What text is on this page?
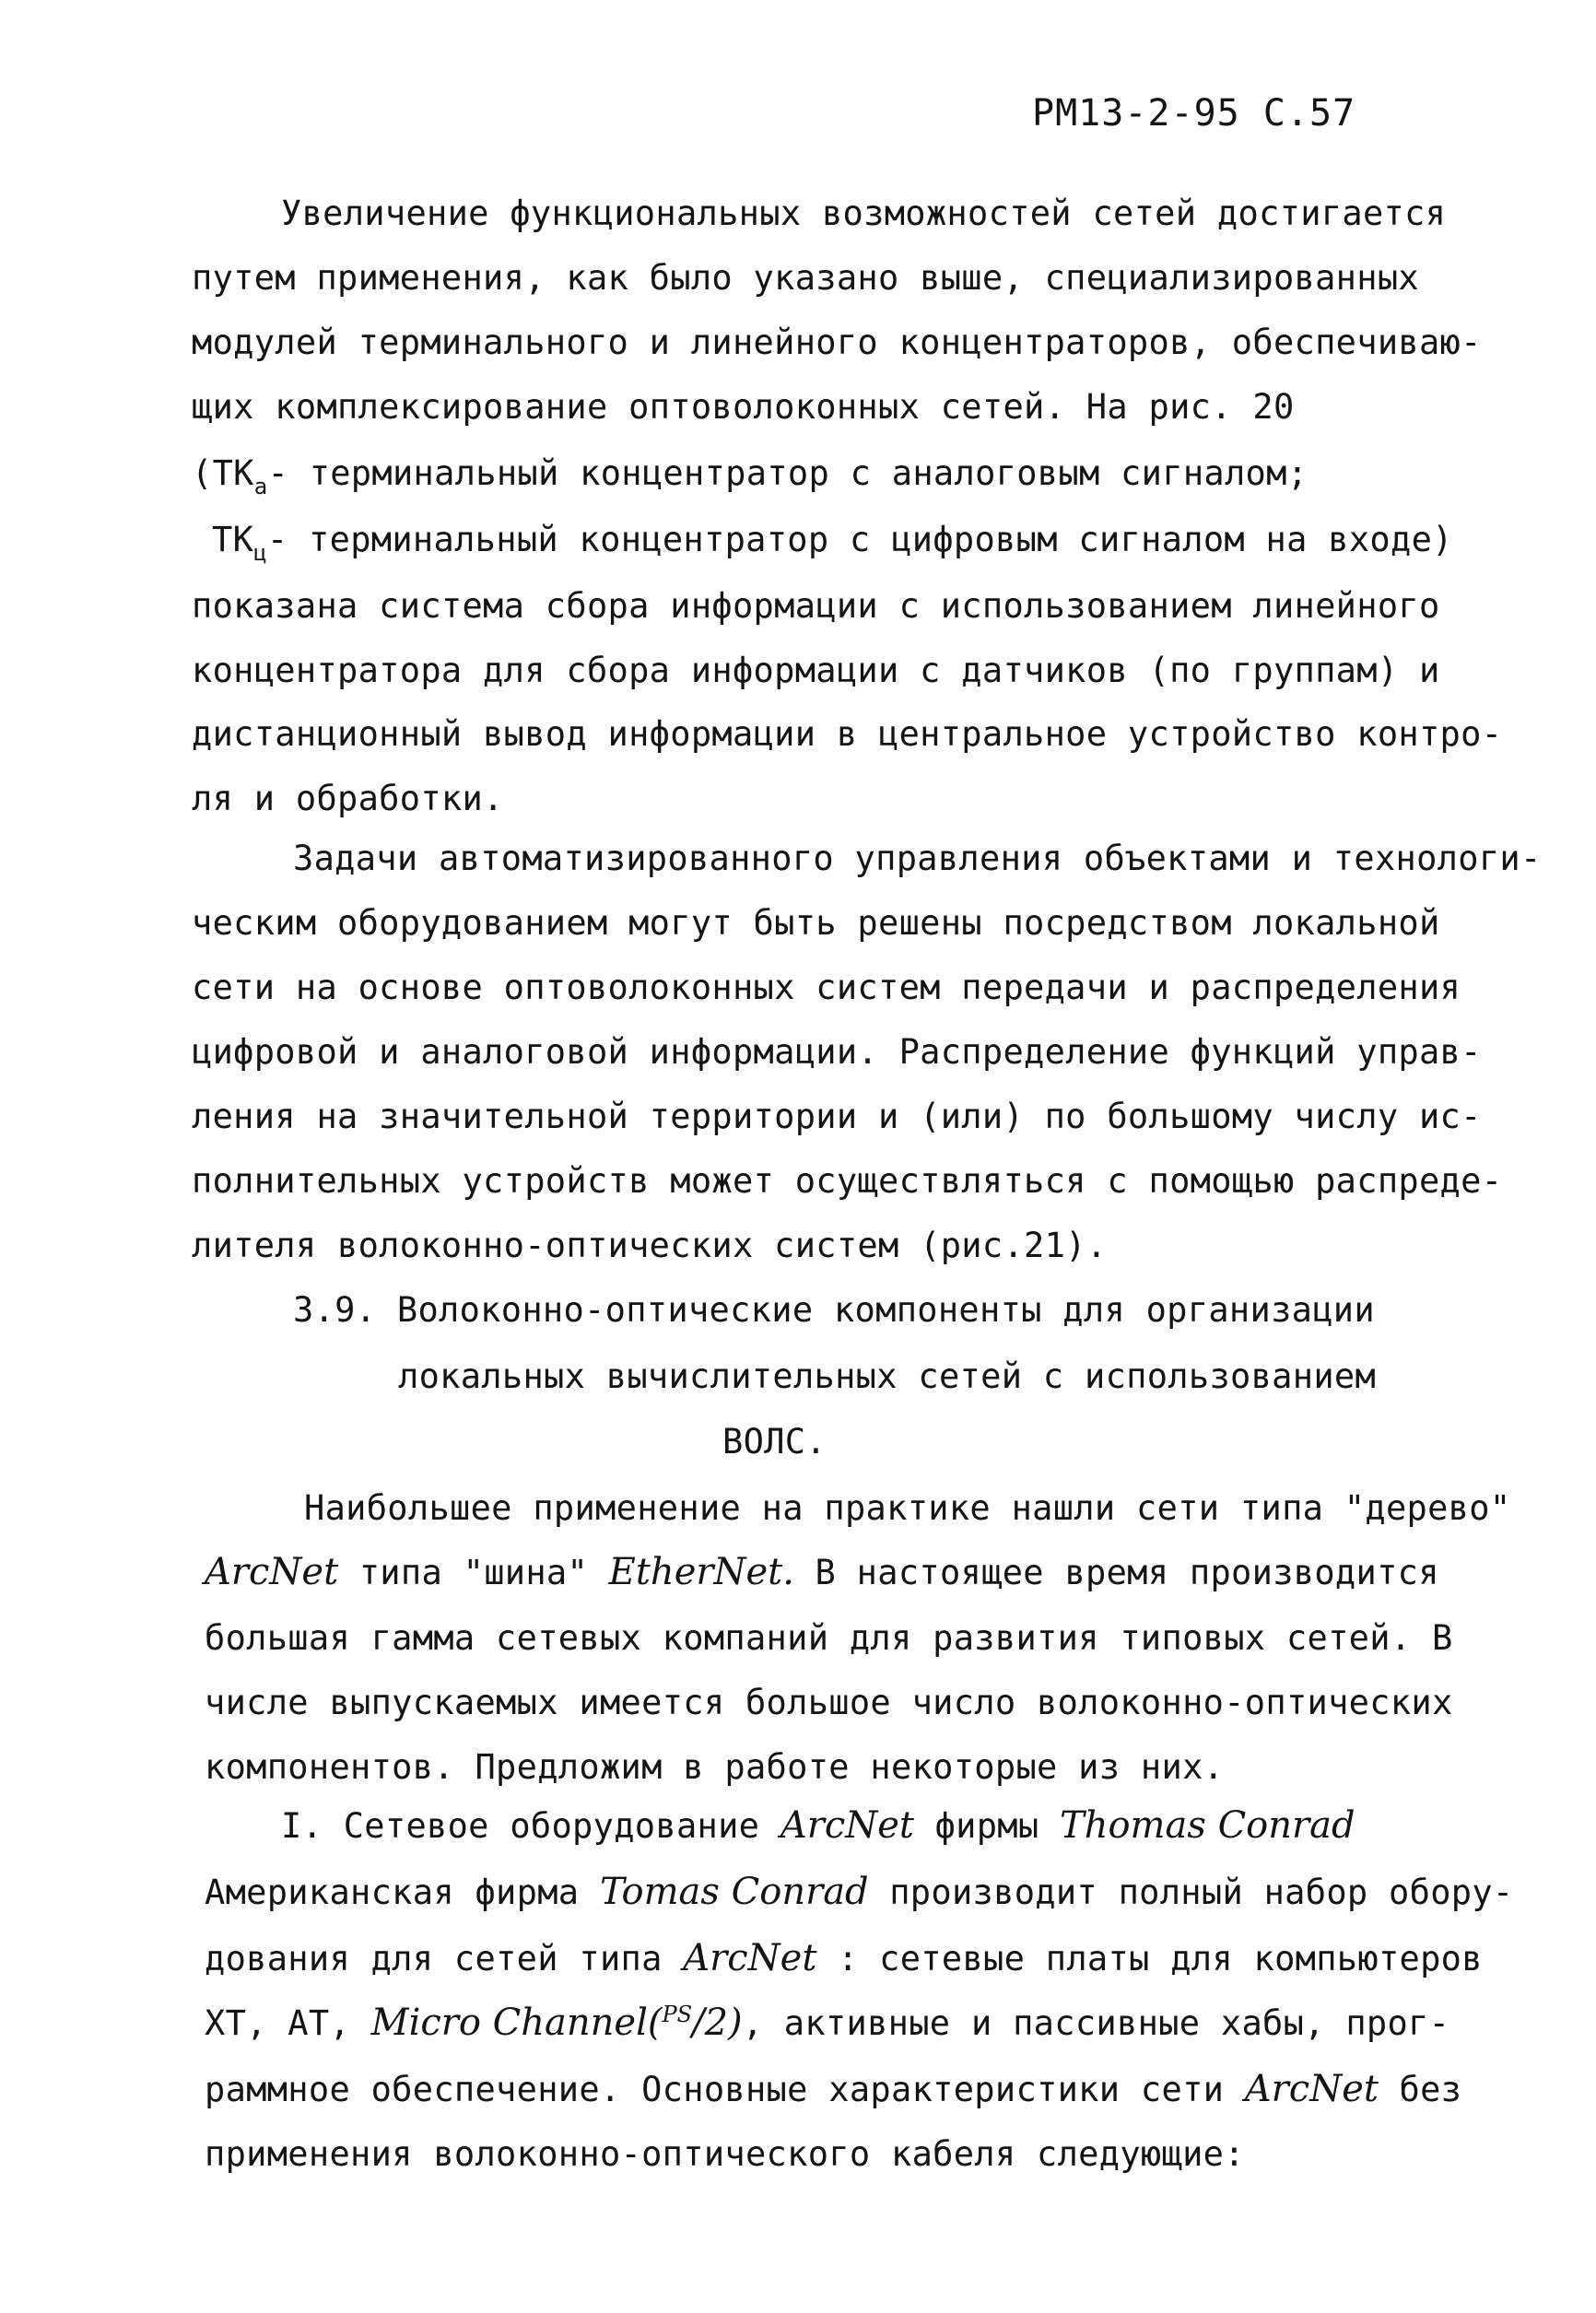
РМ13-2-95 С.57
Увеличение функциональных возможностей сетей достигается
путем применения, как было указано выше, специализированных
модулей терминального и линейного концентраторов, обеспечиваю-
щих комплексирование оптоволоконных сетей. На рис. 20
($ТК_а-$ терминальный концентратор с аналоговым сигналом;
$ТК_ц-$ терминальный концентратор с цифровым сигналом на входе)
показана система сбора информации с использованием линейного
концентратора для сбора информации с датчиков (по группам) и
дистанционный вывод информации в центральное устройство контро-
ля и обработки.
Задачи автоматизированного управления объектами и технологи-
ческим оборудованием могут быть решены посредством локальной
сети на основе оптоволоконных систем передачи и распределения
цифровой и аналоговой информации. Распределение функций управ-
ления на значительной территории и (или) по большому числу ис-
полнительных устройств может осуществляться с помощью распреде-
лителя волоконно-оптических систем (рис.21).
3.9. Волоконно-оптические компоненты для организации
локальных вычислительных сетей с использованием
ВОЛС.
Наибольшее применение на практике нашли сети типа "дерево"
ArcNet типа "шина" EtherNet. В настоящее время производится
большая гамма сетевых компаний для развития типовых сетей. В
числе выпускаемых имеется большое число волоконно-оптических
компонентов. Предложим в работе некоторые из них.
I. Сетевое оборудование ArcNet фирмы Thomas Conrad
Американская фирма Tomas Conrad производит полный набор обору-
дования для сетей типа ArcNet : сетевые платы для компьютеров
XT, AT, Micro Channel($^{PS}$/2), активные и пассивные хабы, прог-
раммное обеспечение. Основные характеристики сети ArcNet без
применения волоконно-оптического кабеля следующие:
